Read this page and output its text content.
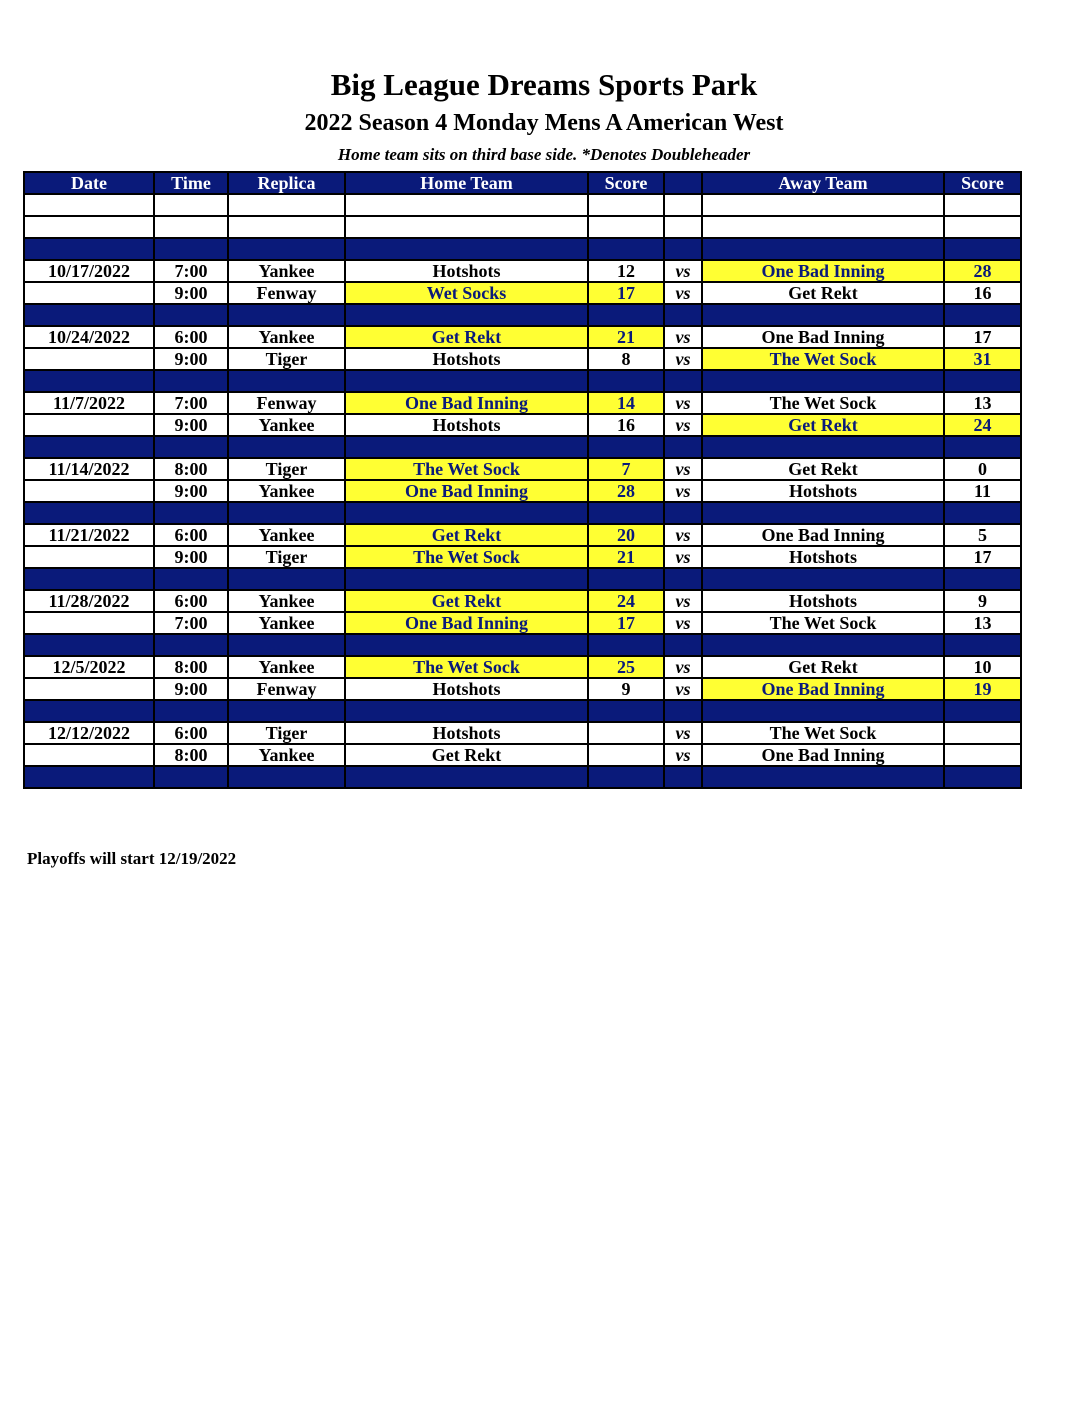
Big League Dreams Sports Park
2022 Season 4 Monday Mens A American West
Home team sits on third base side. *Denotes Doubleheader
Date	Time	Replica	Home Team	Score		Away Team	Score

10/17/2022	7:00	Yankee	Hotshots	12	vs	One Bad Inning	28
	9:00	Fenway	Wet Socks	17	vs	Get Rekt	16

10/24/2022	6:00	Yankee	Get Rekt	21	vs	One Bad Inning	17
	9:00	Tiger	Hotshots	8	vs	The Wet Sock	31

11/7/2022	7:00	Fenway	One Bad Inning	14	vs	The Wet Sock	13
	9:00	Yankee	Hotshots	16	vs	Get Rekt	24

11/14/2022	8:00	Tiger	The Wet Sock	7	vs	Get Rekt	0
	9:00	Yankee	One Bad Inning	28	vs	Hotshots	11

11/21/2022	6:00	Yankee	Get Rekt	20	vs	One Bad Inning	5
	9:00	Tiger	The Wet Sock	21	vs	Hotshots	17

11/28/2022	6:00	Yankee	Get Rekt	24	vs	Hotshots	9
	7:00	Yankee	One Bad Inning	17	vs	The Wet Sock	13

12/5/2022	8:00	Yankee	The Wet Sock	25	vs	Get Rekt	10
	9:00	Fenway	Hotshots	9	vs	One Bad Inning	19

12/12/2022	6:00	Tiger	Hotshots		vs	The Wet Sock	
	8:00	Yankee	Get Rekt		vs	One Bad Inning	

Playoffs will start 12/19/2022
